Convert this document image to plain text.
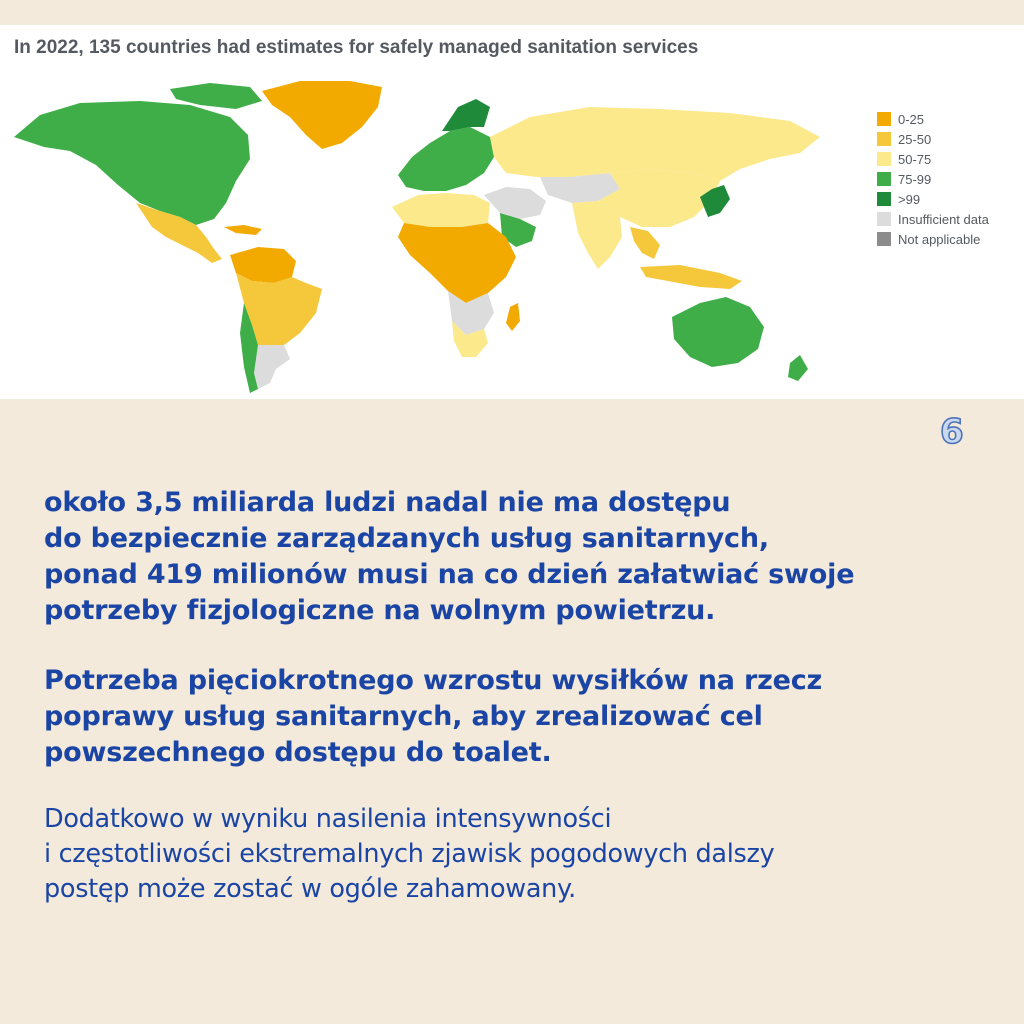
In 2022, 135 countries had estimates for safely managed sanitation services
0-25
25-50
50-75
75-99
>99
Insufficient data
Not applicable
6
około 3,5 miliarda ludzi nadal nie ma dostępu
do bezpiecznie zarządzanych usług sanitarnych,
ponad 419 milionów musi na co dzień załatwiać swoje
potrzeby fizjologiczne na wolnym powietrzu.
Potrzeba pięciokrotnego wzrostu wysiłków na rzecz
poprawy usług sanitarnych, aby zrealizować cel
powszechnego dostępu do toalet.
Dodatkowo w wyniku nasilenia intensywności
i częstotliwości ekstremalnych zjawisk pogodowych dalszy
postęp może zostać w ogóle zahamowany.
